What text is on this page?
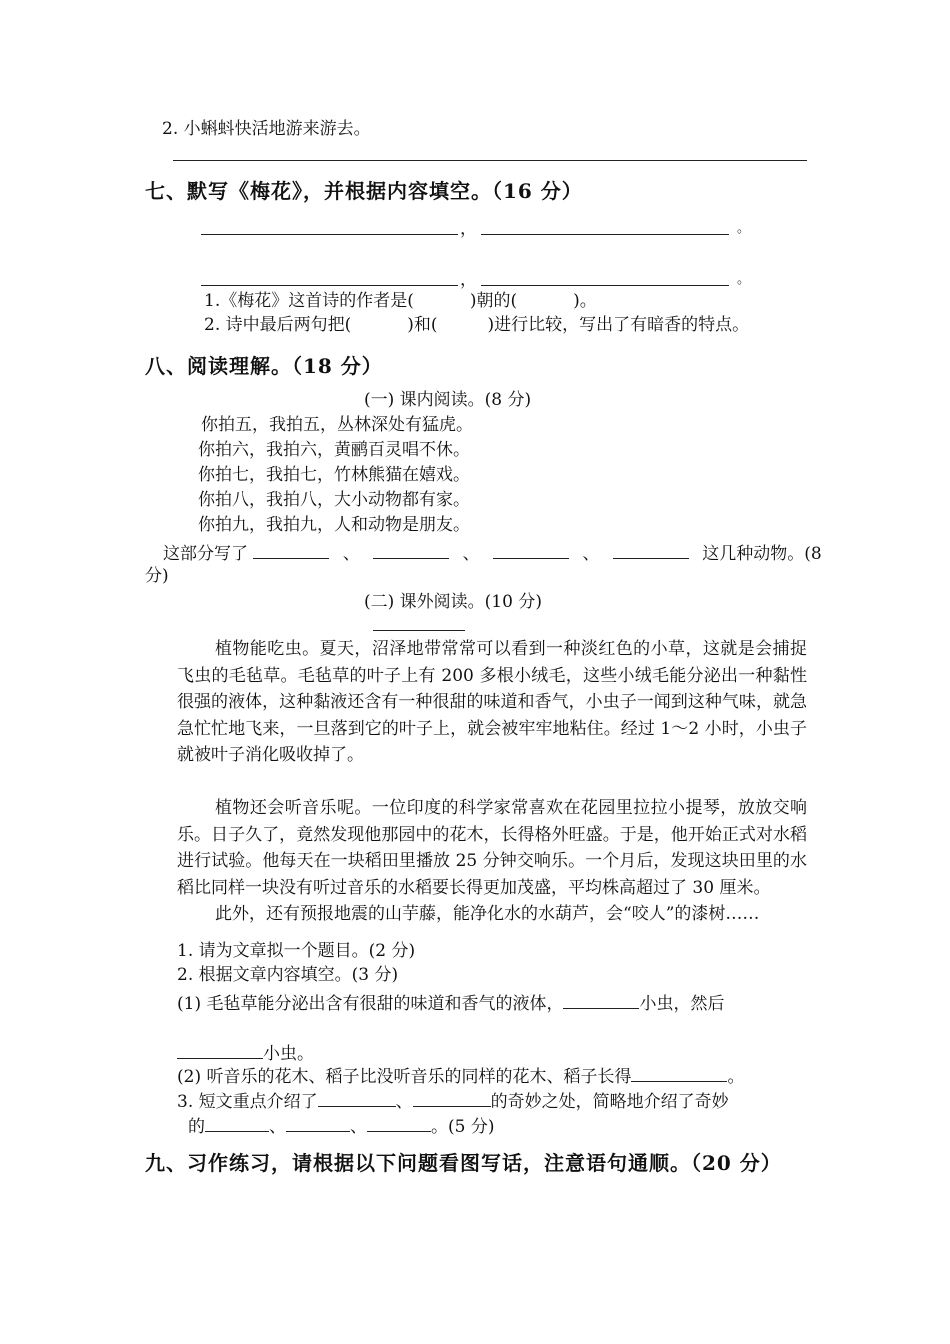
2. 小蝌蚪快活地游来游去。
七、默写《梅花》，并根据内容填空。（16 分）
，	。
，	。
1.《梅花》这首诗的作者是(	)朝的(	)。
2. 诗中最后两句把(	)和(	)进行比较，写出了有暗香的特点。
八、阅读理解。（18 分）
(一) 课内阅读。(8 分)
你拍五，我拍五，丛林深处有猛虎。
你拍六，我拍六，黄鹂百灵唱不休。
你拍七，我拍七，竹林熊猫在嬉戏。
你拍八，我拍八，大小动物都有家。
你拍九，我拍九，人和动物是朋友。
这部分写了	、	、	、	这几种动物。(8
分)
(二) 课外阅读。(10 分)
植物能吃虫。夏天，沼泽地带常常可以看到一种淡红色的小草，这就是会捕捉飞虫的毛毡草。毛毡草的叶子上有 200 多根小绒毛，这些小绒毛能分泌出一种黏性很强的液体，这种黏液还含有一种很甜的味道和香气，小虫子一闻到这种气味，就急急忙忙地飞来，一旦落到它的叶子上，就会被牢牢地粘住。经过 1～2 小时，小虫子就被叶子消化吸收掉了。
植物还会听音乐呢。一位印度的科学家常喜欢在花园里拉拉小提琴，放放交响乐。日子久了，竟然发现他那园中的花木，长得格外旺盛。于是，他开始正式对水稻进行试验。他每天在一块稻田里播放 25 分钟交响乐。一个月后，发现这块田里的水稻比同样一块没有听过音乐的水稻要长得更加茂盛，平均株高超过了 30 厘米。
此外，还有预报地震的山芋藤，能净化水的水葫芦，会“咬人”的漆树……
1. 请为文章拟一个题目。(2 分)
2. 根据文章内容填空。(3 分)
(1) 毛毡草能分泌出含有很甜的味道和香气的液体，	小虫，然后
小虫。
(2) 听音乐的花木、稻子比没听音乐的同样的花木、稻子长得	。
3. 短文重点介绍了	、	的奇妙之处，简略地介绍了奇妙
的	、	、	。(5 分)
九、习作练习，请根据以下问题看图写话，注意语句通顺。（20 分）
